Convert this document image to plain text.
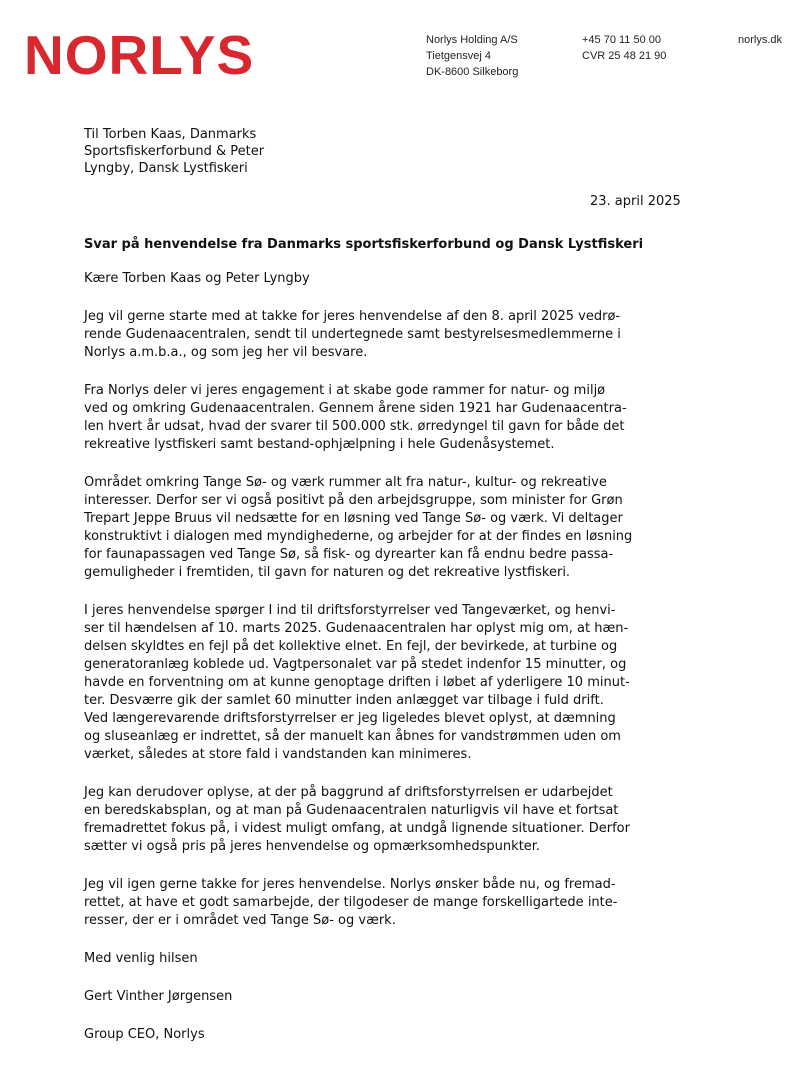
NORLYS	Norlys Holding A/S
Tietgensvej 4
DK-8600 Silkeborg
+45 70 11 50 00
CVR 25 48 21 90
norlys.dk
Til Torben Kaas, Danmarks
Sportsfiskerforbund & Peter
Lyngby, Dansk Lystfiskeri
23. april 2025
Svar på henvendelse fra Danmarks sportsfiskerforbund og Dansk Lystfiskeri

Kære Torben Kaas og Peter Lyngby

Jeg vil gerne starte med at takke for jeres henvendelse af den 8. april 2025 vedrø-
rende Gudenaacentralen, sendt til undertegnede samt bestyrelsesmedlemmerne i
Norlys a.m.b.a., og som jeg her vil besvare.

Fra Norlys deler vi jeres engagement i at skabe gode rammer for natur- og miljø
ved og omkring Gudenaacentralen. Gennem årene siden 1921 har Gudenaacentra-
len hvert år udsat, hvad der svarer til 500.000 stk. ørredyngel til gavn for både det
rekreative lystfiskeri samt bestand-ophjælpning i hele Gudenåsystemet.

Området omkring Tange Sø- og værk rummer alt fra natur-, kultur- og rekreative
interesser. Derfor ser vi også positivt på den arbejdsgruppe, som minister for Grøn
Trepart Jeppe Bruus vil nedsætte for en løsning ved Tange Sø- og værk. Vi deltager
konstruktivt i dialogen med myndighederne, og arbejder for at der findes en løsning
for faunapassagen ved Tange Sø, så fisk- og dyrearter kan få endnu bedre passa-
gemuligheder i fremtiden, til gavn for naturen og det rekreative lystfiskeri.

I jeres henvendelse spørger I ind til driftsforstyrrelser ved Tangeværket, og henvi-
ser til hændelsen af 10. marts 2025. Gudenaacentralen har oplyst mig om, at hæn-
delsen skyldtes en fejl på det kollektive elnet. En fejl, der bevirkede, at turbine og
generatoranlæg koblede ud. Vagtpersonalet var på stedet indenfor 15 minutter, og
havde en forventning om at kunne genoptage driften i løbet af yderligere 10 minut-
ter. Desværre gik der samlet 60 minutter inden anlægget var tilbage i fuld drift.
Ved længerevarende driftsforstyrrelser er jeg ligeledes blevet oplyst, at dæmning
og sluseanlæg er indrettet, så der manuelt kan åbnes for vandstrømmen uden om
værket, således at store fald i vandstanden kan minimeres.

Jeg kan derudover oplyse, at der på baggrund af driftsforstyrrelsen er udarbejdet
en beredskabsplan, og at man på Gudenaacentralen naturligvis vil have et fortsat
fremadrettet fokus på, i videst muligt omfang, at undgå lignende situationer. Derfor
sætter vi også pris på jeres henvendelse og opmærksomhedspunkter.

Jeg vil igen gerne takke for jeres henvendelse. Norlys ønsker både nu, og fremad-
rettet, at have et godt samarbejde, der tilgodeser de mange forskelligartede inte-
resser, der er i området ved Tange Sø- og værk.

Med venlig hilsen

Gert Vinther Jørgensen

Group CEO, Norlys
